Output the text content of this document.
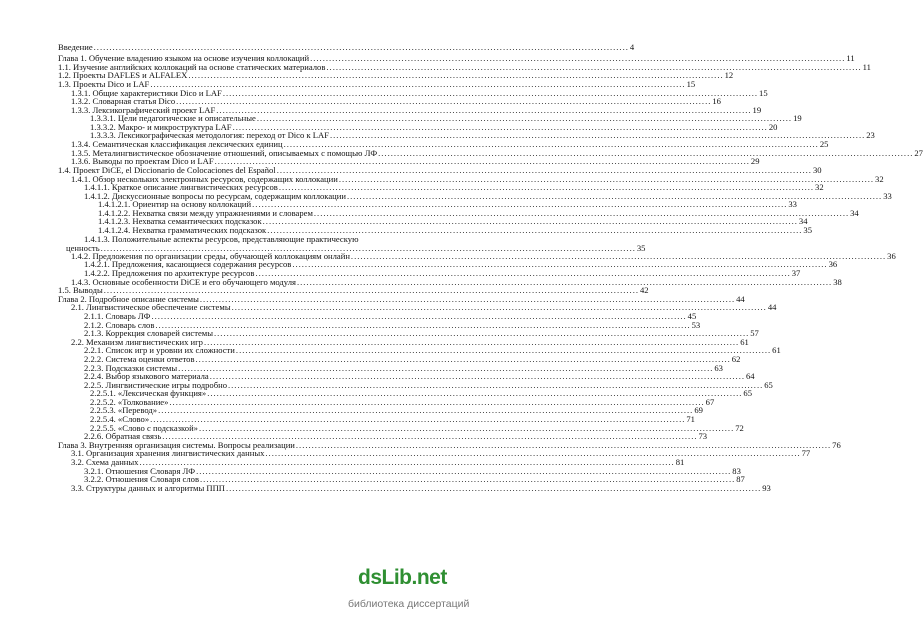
Введение .....	4
Глава 1. Обучение владению языком на основе изучения коллокаций .....	11
1.1. Изучение английских коллокаций на основе статических материалов .....	11
1.2. Проекты DAFLES и ALFALEX .....	12
1.3. Проекты Dico и LAF .....	15
1.3.1. Общие характеристики Dico и LAF .....	15
1.3.2. Словарная статья Dico .....	16
1.3.3. Лексикографический проект LAF .....	19
1.3.3.1. Цели педагогические и описательные .....	19
1.3.3.2. Макро- и микроструктура LAF .....	20
1.3.3.3. Лексикографическая методология: переход от Dico к LAF .....	23
1.3.4. Семантическая классификация лексических единиц .....	25
1.3.5. Металингвистическое обозначение отношений, описываемых с помощью ЛФ .....	27
1.3.6. Выводы по проектам Dico и LAF .....	29
1.4. Проект DiCE, el Diccionario de Colocaciones del Español .....	30
1.4.1. Обзор нескольких электронных ресурсов, содержащих коллокации .....	32
1.4.1.1. Краткое описание лингвистических ресурсов .....	32
1.4.1.2. Дискуссионные вопросы по ресурсам, содержащим коллокации .....	33
1.4.1.2.1. Ориентир на основу коллокаций .....	33
1.4.1.2.2. Нехватка связи между упражнениями и словарем .....	34
1.4.1.2.3. Нехватка семантических подсказок .....	34
1.4.1.2.4. Нехватка грамматических подсказок .....	35
1.4.1.3. Положительные аспекты ресурсов, представляющие практическую
ценность .....	35
1.4.2. Предложения по организации среды, обучающей коллокациям онлайн .....	36
1.4.2.1. Предложения, касающиеся содержания ресурсов .....	36
1.4.2.2. Предложения по архитектуре ресурсов .....	37
1.4.3. Основные особенности DiCE и его обучающего модуля .....	38
1.5. Выводы .....	42
Глава 2. Подробное описание системы .....	44
2.1. Лингвистическое обеспечение системы .....	44
2.1.1. Словарь ЛФ .....	45
2.1.2. Словарь слов .....	53
2.1.3. Коррекция словарей системы .....	57
2.2. Механизм лингвистических игр .....	61
2.2.1. Список игр и уровни их сложности .....	61
2.2.2. Система оценки ответов .....	62
2.2.3. Подсказки системы .....	63
2.2.4. Выбор языкового материала .....	64
2.2.5. Лингвистические игры подробно .....	65
2.2.5.1. «Лексическая функция» .....	65
2.2.5.2. «Толкование» .....	67
2.2.5.3. «Перевод» .....	69
2.2.5.4. «Слово» .....	71
2.2.5.5. «Слово с подсказкой» .....	72
2.2.6. Обратная связь .....	73
Глава 3. Внутренняя организация системы. Вопросы реализации .....	76
3.1. Организация хранения лингвистических данных .....	77
3.2. Схема данных .....	81
3.2.1. Отношения Словаря ЛФ .....	83
3.2.2. Отношения Словаря слов .....	87
3.3. Структуры данных и алгоритмы ППП .....	93
dsLib.net
библиотека диссертаций
